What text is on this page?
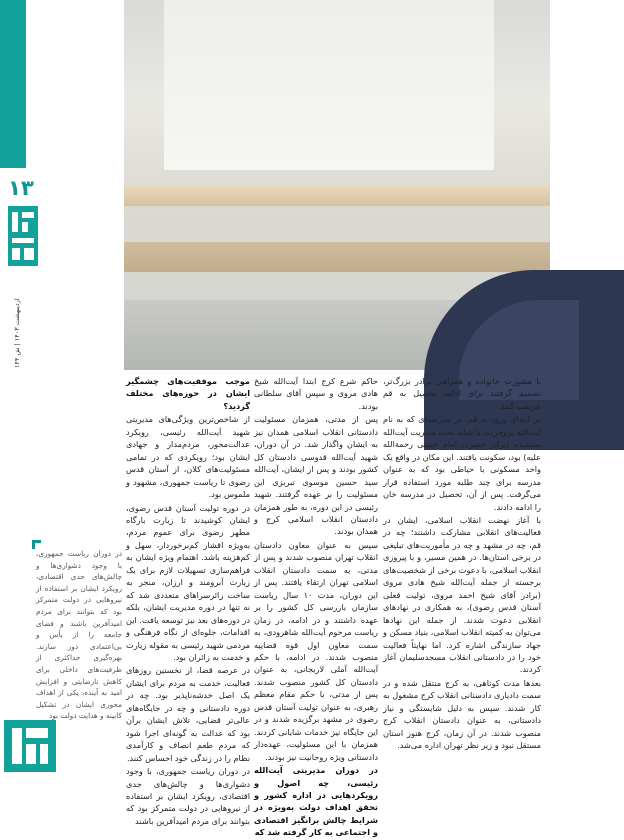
١٣
اردیبهشت ۱۴۰۳ | ش ۱۴۴
در دوران ریاست جمهوری، با وجود دشواری‌ها و چالش‌های جدی اقتصادی، رویکرد ایشان بر استفاده از نیروهایی در دولت متمرکز بود که بتوانند برای مردم امیدآفرین باشند و فضای جامعه را از یأس و بی‌اعتمادی دور سازند. بهره‌گیری حداکثری از ظرفیت‌های داخلی برای کاهش نارضایتی و افزایش امید به آینده، یکی از اهداف محوری ایشان در تشکیل کابینه و هدایت دولت بود

با مشورت خانواده و همراهی برادر بزرگ‌تر، تصمیم گرفتند برای ادامه تحصیل به قم عزیمت کنند.

در ابتدای ورود به قم، در مدرسه‌ای که به نام آیت‌الله بروجردی با شاید تحت مدیریت آیت‌الله پسندیده (برادر حضرت امام خمینی رحمة‌الله علیه) بود، سکونت یافتند. این مکان در واقع یک واحد مسکونی با حیاطی بود که به عنوان مدرسه برای چند طلبه مورد استفاده قرار می‌گرفت. پس از آن، تحصیل در مدرسه خان را ادامه دادند.

با آغاز نهضت انقلاب اسلامی، ایشان در فعالیت‌های انقلابی مشارکت داشتند؛ چه در قم، چه در مشهد و چه در مأموریت‌های تبلیغی در برخی استان‌ها. در همین مسیر، و با پیروزی انقلاب اسلامی، با دعوت برخی از شخصیت‌های برجسته از جمله آیت‌الله شیخ هادی مروی (برادر آقای شیخ احمد مروی، تولیت فعلی آستان قدس رضوی)، به همکاری در نهادهای انقلابی دعوت شدند. از جمله این نهادها می‌توان به کمیته انقلاب اسلامی، بنیاد مسکن و جهاد سازندگی اشاره کرد. اما نهایتاً فعالیت خود را در دادستانی انقلاب مسجدسلیمان آغاز کردند.

بعدها مدت کوتاهی، به کرج منتقل شده و در سمت دادیاری دادستانی انقلاب کرج مشغول به کار شدند. سپس به دلیل شایستگی و نیاز دادستانی، به عنوان دادستان انقلاب کرج منصوب شدند. در آن زمان، کرج هنوز استان مستقل نبود و زیر نظر تهران اداره می‌شد.

حاکم شرع کرج ابتدا آیت‌الله شیخ هادی مروی و سپس آقای سلطانی بودند.

پس از مدتی، همزمان مسئولیت دادستانی انقلاب اسلامی همدان نیز به ایشان واگذار شد. در آن دوران، شهید آیت‌الله قدوسی دادستان کل کشور بودند و پس از ایشان، آیت‌الله سید حسین موسوی تبریزی این مسئولیت را بر عهده گرفتند. شهید رئیسی در این دوره، به طور همزمان دادستان انقلاب اسلامی کرج و همدان بودند.

سپس به عنوان معاون دادستان انقلاب تهران منصوب شدند و پس از مدتی، به سمت دادستان انقلاب اسلامی تهران ارتقاء یافتند. پس از این دوران، مدت ۱۰ سال ریاست سازمان بازرسی کل کشور را بر عهده داشتند و در ادامه، در زمان ریاست مرحوم آیت‌الله شاهرودی، به سمت معاون اول قوه قضاییه منصوب شدند. در ادامه، با حکم آیت‌الله آملی لاریجانی، به عنوان دادستان کل کشور منصوب شدند. پس از مدتی، با حکم مقام معظم رهبری، به عنوان تولیت آستان قدس رضوی در مشهد برگزیده شدند و در این جایگاه نیز خدمات شایانی کردند. همزمان با این مسئولیت، عهده‌دار دادستانی ویژه روحانیت نیز بودند.

در دوران مدیریتی آیت‌الله رئیسی، چه اصول و رویکردهایی در اداره کشور و تحقق اهداف دولت به‌ویژه در شرایط چالش برانگیز اقتصادی و اجتماعی به کار گرفته شد که

موجب موفقیت‌های چشمگیر ایشان در حوزه‌های مختلف گردید؟

از شاخص‌ترین ویژگی‌های مدیریتی شهید آیت‌الله رئیسی، رویکرد عدالت‌محور، مردم‌مدار و جهادی ایشان بود؛ رویکردی که در تمامی مسئولیت‌های کلان، از آستان قدس رضوی تا ریاست جمهوری، مشهود و ملموس بود.

در دوره تولیت آستان قدس رضوی، ایشان کوشیدند تا زیارت بارگاه مطهر رضوی برای عموم مردم، به‌ویژه اقشار کم‌برخوردار، سهل و کم‌هزینه باشد. اهتمام ویژه ایشان به فراهم‌سازی تسهیلات لازم برای یک زیارت آبرومند و ارزان، منجر به ساخت زائرسراهای متعددی شد که نه تنها در دوره مدیریت ایشان، بلکه در دوره‌های بعد نیز توسعه یافت. این اقدامات، جلوه‌ای از نگاه فرهنگی و مردمی شهید رئیسی به مقوله زیارت و خدمت به زائران بود.

در عرصه قضا، از نخستین روزهای فعالیت، خدمت به مردم برای ایشان یک اصل خدشه‌ناپذیر بود. چه در دوره دادستانی و چه در جایگاه‌های عالی‌تر قضایی، تلاش ایشان برآن بود که عدالت به گونه‌ای اجرا شود که مردم طعم انصاف و کارآمدی نظام را در زندگی خود احساس کنند.

در دوران ریاست جمهوری، با وجود دشواری‌ها و چالش‌های جدی اقتصادی، رویکرد ایشان بر استفاده از نیروهایی در دولت متمرکز بود که بتوانند برای مردم امیدآفرین باشند
